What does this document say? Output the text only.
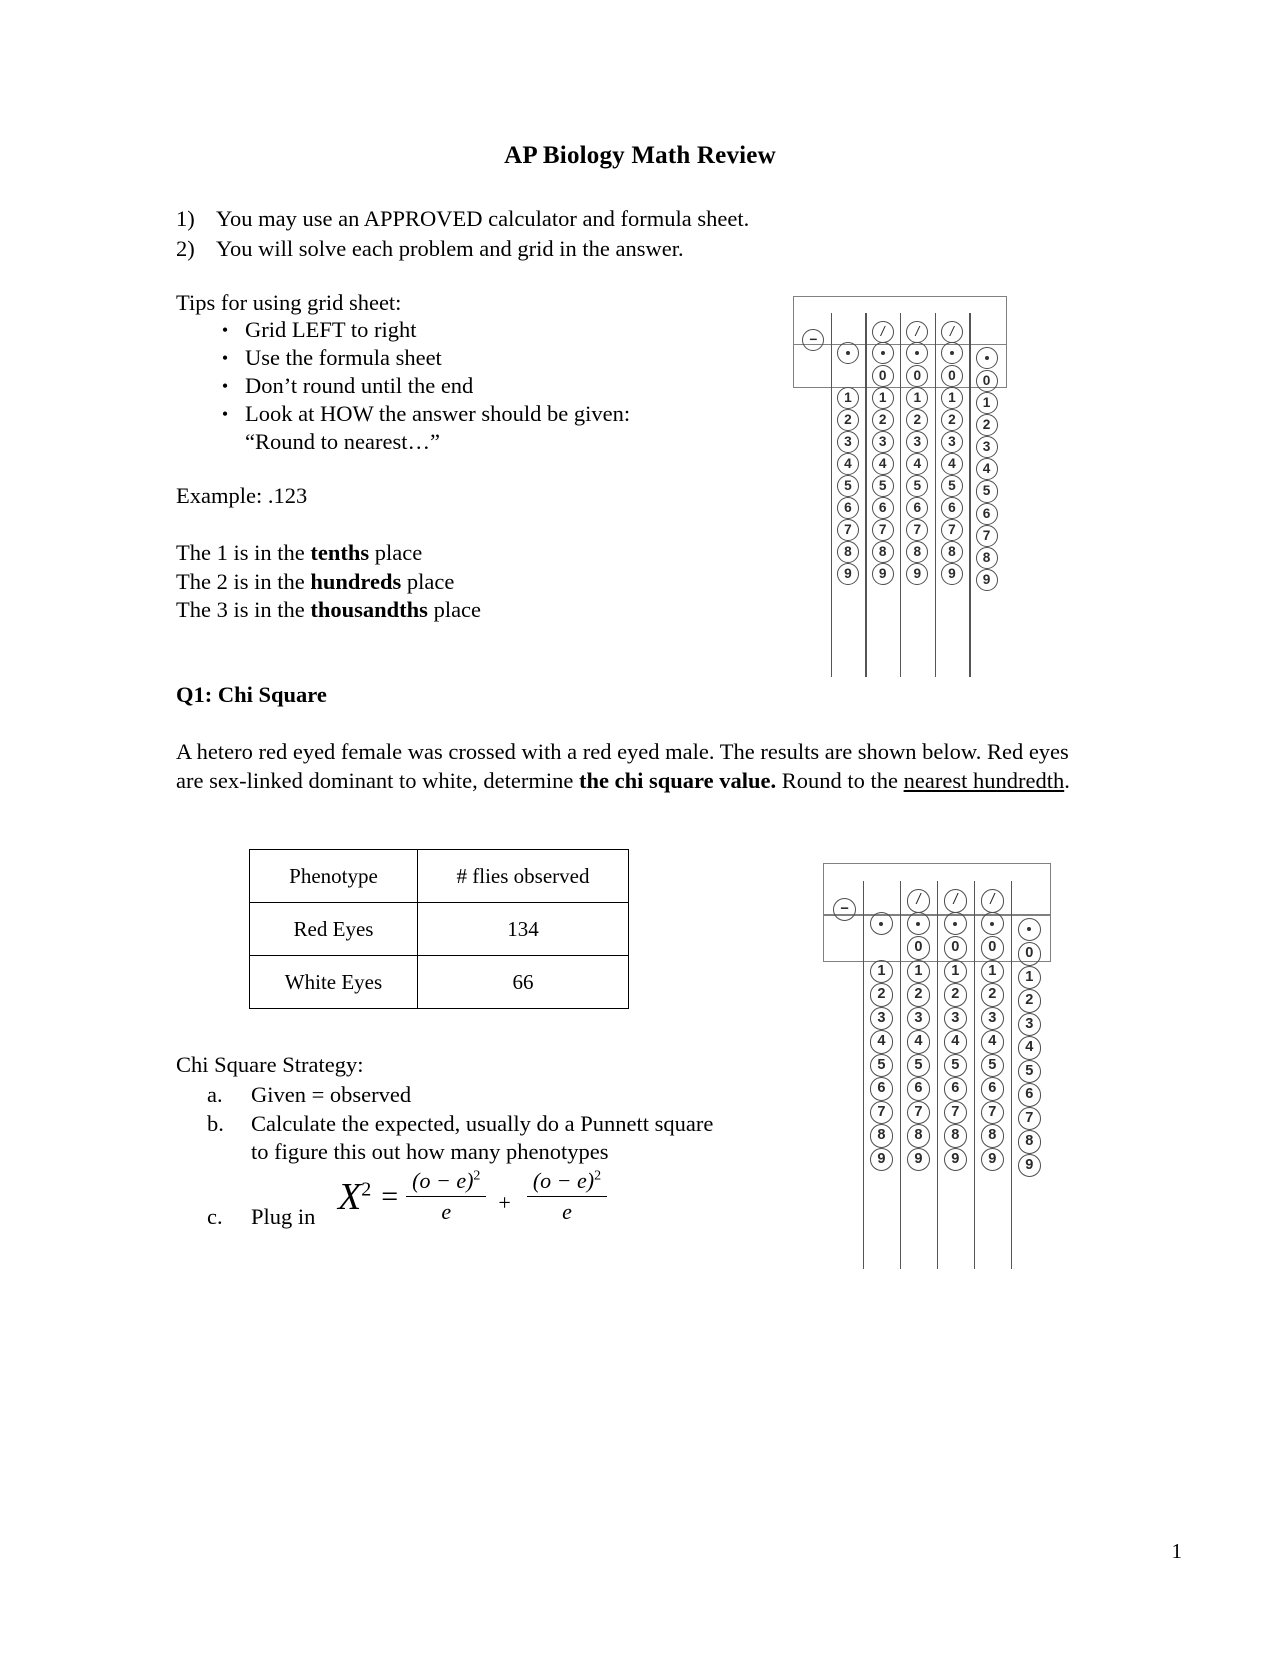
AP Biology Math Review
1) You may use an APPROVED calculator and formula sheet.
2) You will solve each problem and grid in the answer.
Tips for using grid sheet:
• Grid LEFT to right
• Use the formula sheet
• Don’t round until the end
• Look at HOW the answer should be given:
“Round to nearest…”
Example: .123
The 1 is in the tenths place
The 2 is in the hundreds place
The 3 is in the thousandths place
Q1: Chi Square
A hetero red eyed female was crossed with a red eyed male. The results are shown below. Red eyes are sex-linked dominant to white, determine the chi square value. Round to the nearest hundredth.
Phenotype	# flies observed
Red Eyes	134
White Eyes	66
Chi Square Strategy:
a.	Given = observed
b.	Calculate the expected, usually do a Punnett square
to figure this out how many phenotypes
c.	Plug in $X^2 = \frac{(o - e)^2}{e} + \frac{(o - e)^2}{e}$
1
2
3
4
5
6
7
8
9
/
0
1
2
3
4
5
6
7
8
9
/
0
1
2
3
4
5
6
7
8
9
/
0
1
2
3
4
5
6
7
8
9
0
1
2
3
4
5
6
7
8
9
−
1
2
3
4
5
6
7
8
9
/
0
1
2
3
4
5
6
7
8
9
/
0
1
2
3
4
5
6
7
8
9
/
0
1
2
3
4
5
6
7
8
9
0
1
2
3
4
5
6
7
8
9
−
1
